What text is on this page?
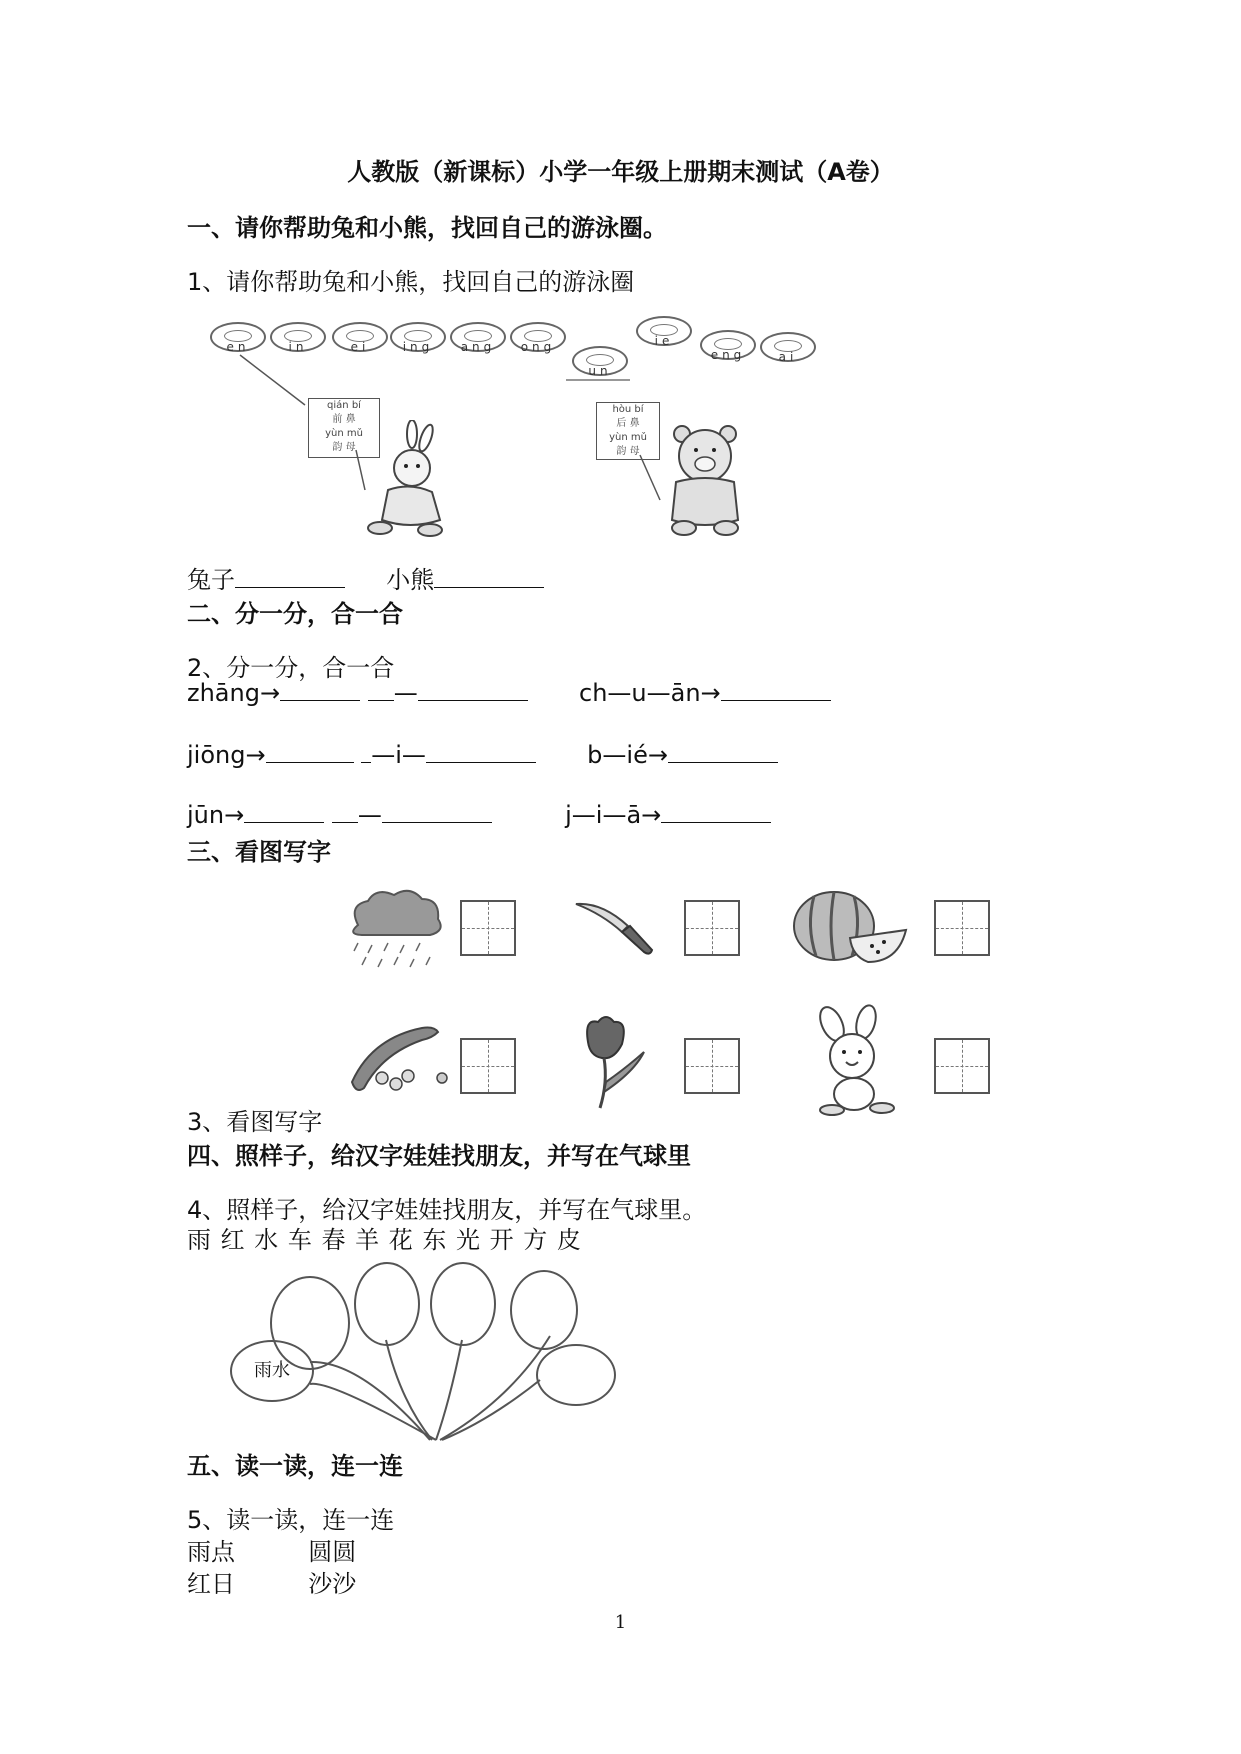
人教版（新课标）小学一年级上册期末测试（A卷）
一、请你帮助兔和小熊，找回自己的游泳圈。
1、请你帮助兔和小熊，找回自己的游泳圈
en	in	ei	ing	ang	ong
un
ie
eng	ai
qián bí
前 鼻
yùn mǔ
韵 母
hòu bí
后 鼻
yùn mǔ
韵 母
兔子	小熊
二、分一分，合一合
2、分一分，合一合
zhāng→	—	ch—u—ān→
jiōng→	—i—	b—ié→
jūn→	—	j—i—ā→
三、看图写字
3、看图写字
四、照样子，给汉字娃娃找朋友，并写在气球里
4、照样子，给汉字娃娃找朋友，并写在气球里。
雨 红 水 车 春 羊 花 东 光 开 方 皮
雨水
五、读一读，连一连
5、读一读，连一连
雨点	圆圆
红日	沙沙
1
